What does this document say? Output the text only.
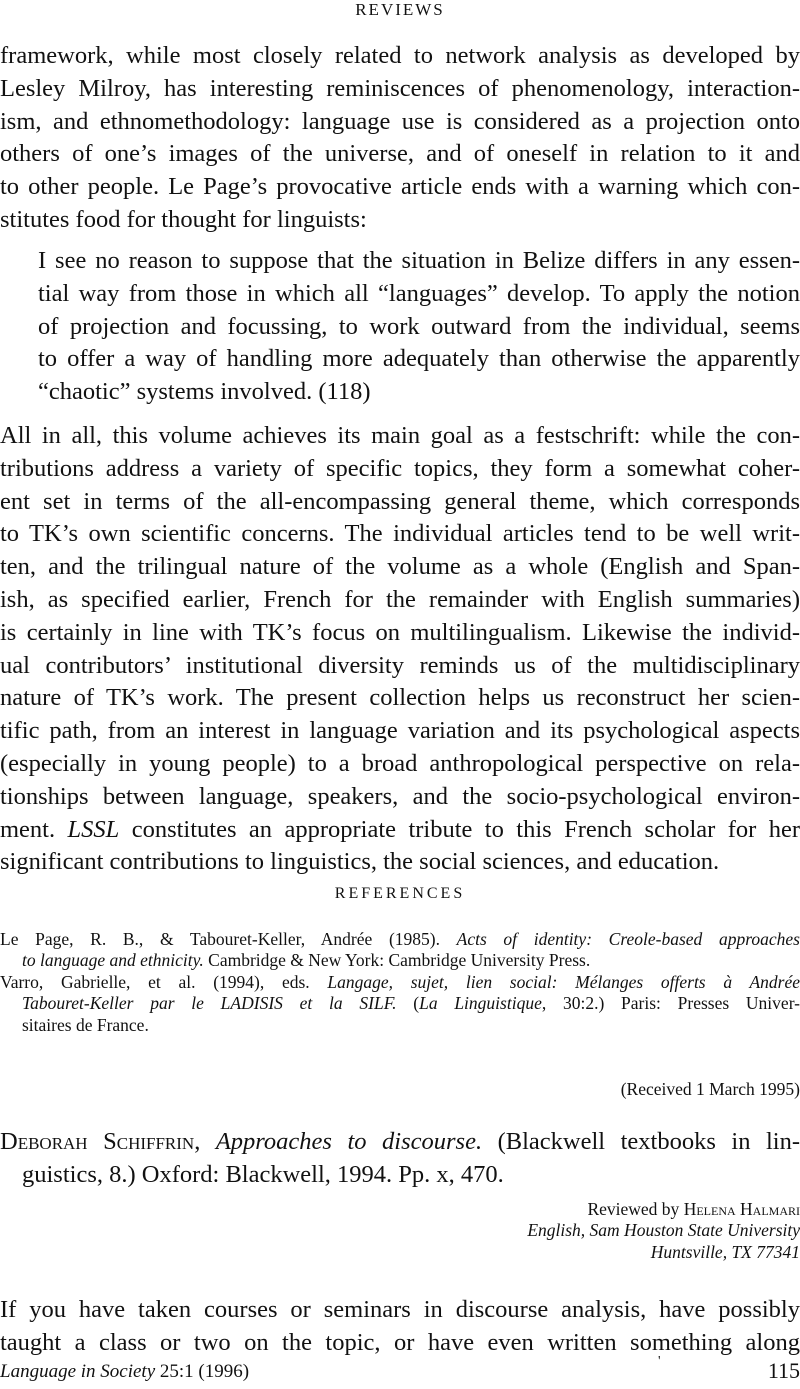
REVIEWS
framework, while most closely related to network analysis as developed by
Lesley Milroy, has interesting reminiscences of phenomenology, interaction-
ism, and ethnomethodology: language use is considered as a projection onto
others of one’s images of the universe, and of oneself in relation to it and
to other people. Le Page’s provocative article ends with a warning which con-
stitutes food for thought for linguists:
I see no reason to suppose that the situation in Belize differs in any essen-
tial way from those in which all “languages” develop. To apply the notion
of projection and focussing, to work outward from the individual, seems
to offer a way of handling more adequately than otherwise the apparently
“chaotic” systems involved. (118)
All in all, this volume achieves its main goal as a festschrift: while the con-
tributions address a variety of specific topics, they form a somewhat coher-
ent set in terms of the all-encompassing general theme, which corresponds
to TK’s own scientific concerns. The individual articles tend to be well writ-
ten, and the trilingual nature of the volume as a whole (English and Span-
ish, as specified earlier, French for the remainder with English summaries)
is certainly in line with TK’s focus on multilingualism. Likewise the individ-
ual contributors’ institutional diversity reminds us of the multidisciplinary
nature of TK’s work. The present collection helps us reconstruct her scien-
tific path, from an interest in language variation and its psychological aspects
(especially in young people) to a broad anthropological perspective on rela-
tionships between language, speakers, and the socio-psychological environ-
ment. LSSL constitutes an appropriate tribute to this French scholar for her
significant contributions to linguistics, the social sciences, and education.
REFERENCES
Le Page, R. B., & Tabouret-Keller, Andrée (1985). Acts of identity: Creole-based approaches
to language and ethnicity. Cambridge & New York: Cambridge University Press.
Varro, Gabrielle, et al. (1994), eds. Langage, sujet, lien social: Mélanges offerts à Andrée
Tabouret-Keller par le LADISIS et la SILF. (La Linguistique, 30:2.) Paris: Presses Univer-
sitaires de France.
(Received 1 March 1995)
Deborah Schiffrin, Approaches to discourse. (Blackwell textbooks in lin-
guistics, 8.) Oxford: Blackwell, 1994. Pp. x, 470.
Reviewed by Helena Halmari
English, Sam Houston State University
Huntsville, TX 77341
If you have taken courses or seminars in discourse analysis, have possibly
taught a class or two on the topic, or have even written something along
Language in Society 25:1 (1996)	'	115
